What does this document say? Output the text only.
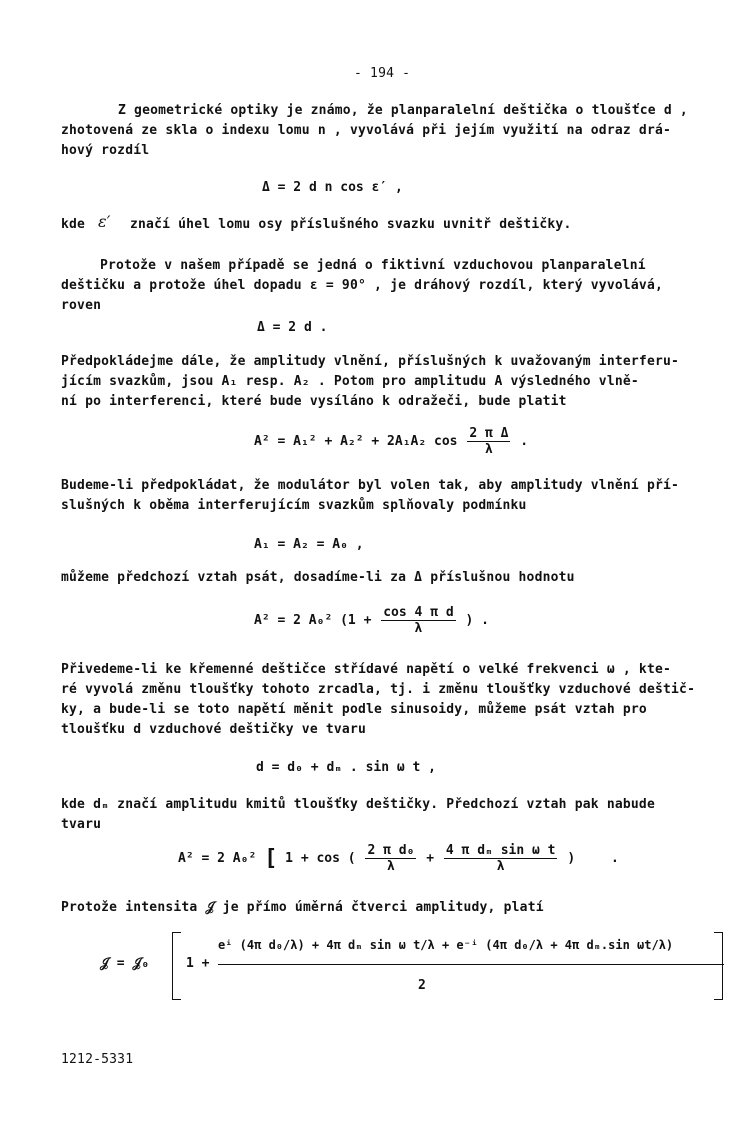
- 194 -
Z geometrické optiky je známo, že planparalelní deštička o tloušťce d ,
zhotovená ze skla o indexu lomu n , vyvolává při jejím využití na odraz drá-
hový rozdíl
Δ = 2 d n cos ε′ ,
kde ε′ značí úhel lomu osy příslušného svazku uvnitř deštičky.
Protože v našem případě se jedná o fiktivní vzduchovou planparalelní
deštičku a protože úhel dopadu ε = 90° , je dráhový rozdíl, který vyvolává,
roven
Δ = 2 d .
Předpokládejme dále, že amplitudy vlnění, příslušných k uvažovaným interferu-
jícím svazkům, jsou A₁ resp. A₂ . Potom pro amplitudu A výsledného vlně-
ní po interferenci, které bude vysíláno k odražeči, bude platit
A² = A₁² + A₂² + 2A₁A₂ $\cos \frac{\text{2 π Δ}}{\lambda}$ .
Budeme-li předpokládat, že modulátor byl volen tak, aby amplitudy vlnění pří-
slušných k oběma interferujícím svazkům splňovaly podmínku
A₁ = A₂ = A₀ ,
můžeme předchozí vztah psát, dosadíme-li za Δ příslušnou hodnotu
A² = 2 A₀² ($1 + \frac{\text{cos 4 π d}}{\lambda}$ ) .
Přivedeme-li ke křemenné deštičce střídavé napětí o velké frekvenci ω , kte-
ré vyvolá změnu tloušťky tohoto zrcadla, tj. i změnu tloušťky vzduchové deštič-
ky, a bude-li se toto napětí měnit podle sinusoidy, můžeme psát vztah pro
tloušťku d vzduchové deštičky ve tvaru
d = d₀ + dₘ . sin ω t ,
kde dₘ značí amplitudu kmitů tloušťky deštičky. Předchozí vztah pak nabude
tvaru
A² = 2 A₀² [ 1 + cos ( $\frac{\text{2 π d₀}}{\lambda} + \frac{\text{4 π dₘ sin ω t}}{\lambda}$ )	.
Protože intensita 𝒥 je přímo úměrná čtverci amplitudy, platí
𝒥 = 𝒥₀	1 +
eⁱ (4π d₀/λ) + 4π dₘ sin ω t/λ + e⁻ⁱ (4π d₀/λ + 4π dₘ.sin ωt/λ)
2
1212-5331
